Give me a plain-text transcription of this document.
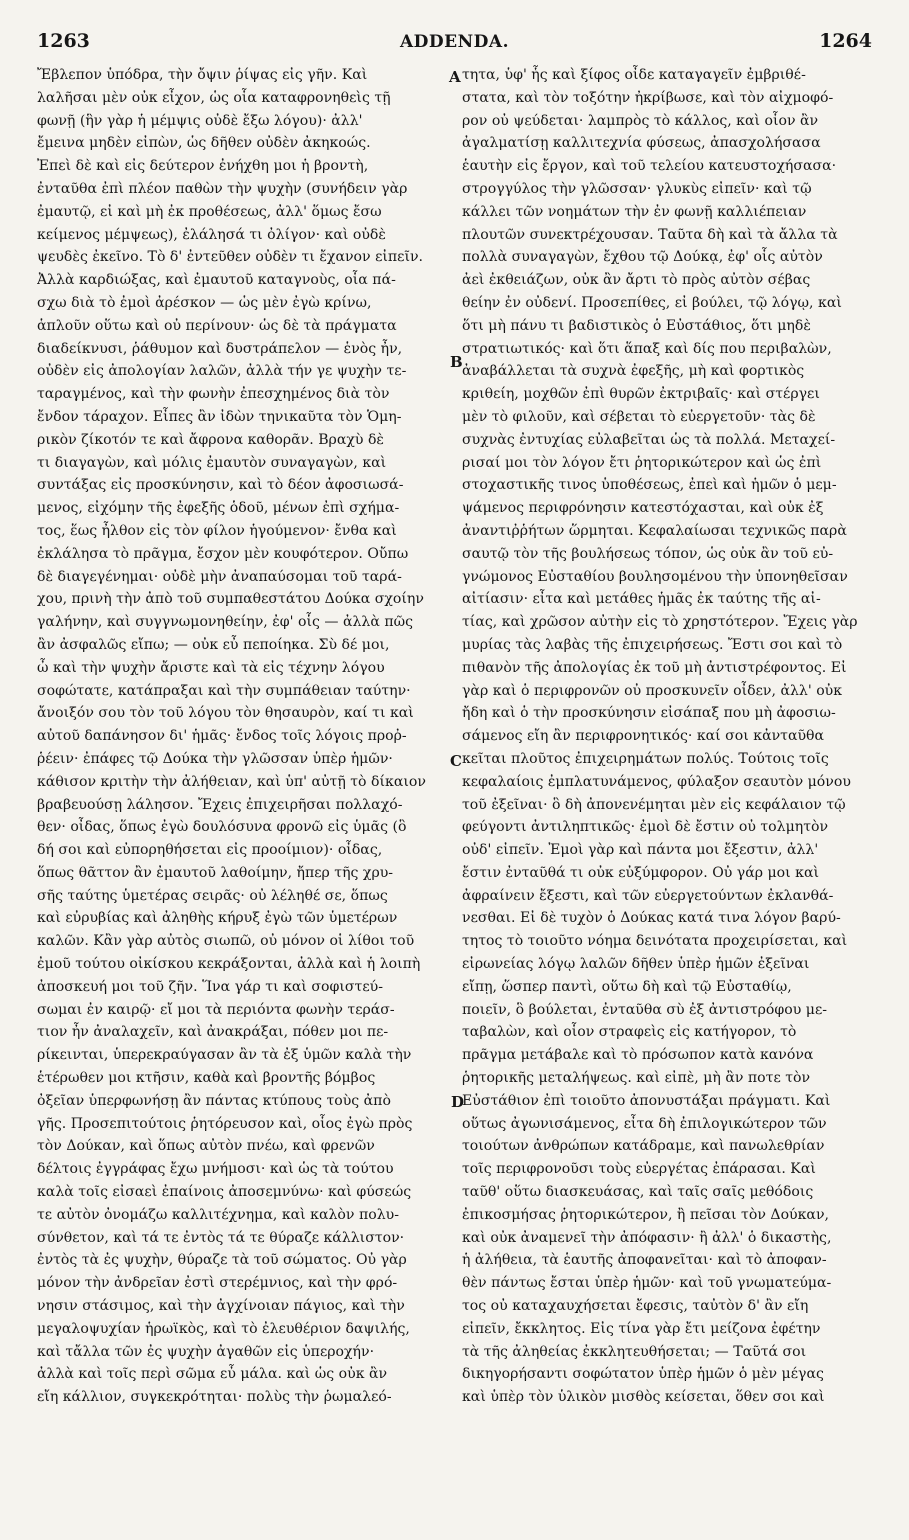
1263	ADDENDA.	1264
Ἔβλεπον ὑπόδρα, τὴν ὄψιν ῥίψας εἰς γῆν. Καὶ
λαλῆσαι μὲν οὐκ εἶχον, ὡς οἷα καταφρονηθεὶς τῇ
φωνῇ (ἣν γὰρ ἡ μέμψις οὐδὲ ἔξω λόγου)· ἀλλ'
ἔμεινα μηδὲν εἰπὼν, ὡς δῆθεν οὐδὲν ἀκηκοώς.
Ἐπεὶ δὲ καὶ εἰς δεύτερον ἐνήχθη μοι ἡ βροντὴ,
ἐνταῦθα ἐπὶ πλέον παθὼν τὴν ψυχὴν (συνήδειν γὰρ
ἐμαυτῷ, εἰ καὶ μὴ ἐκ προθέσεως, ἀλλ' ὅμως ἔσω
κείμενος μέμψεως), ἐλάλησά τι ὀλίγον· καὶ οὐδὲ
ψευδὲς ἐκεῖνο. Τὸ δ' ἐντεῦθεν οὐδὲν τι ἔχανον εἰπεῖν.
Ἀλλὰ καρδιώξας, καὶ ἐμαυτοῦ καταγνοὺς, οἷα πά-
σχω διὰ τὸ ἐμοὶ ἀρέσκον — ὡς μὲν ἐγὼ κρίνω,
ἁπλοῦν οὕτω καὶ οὐ περίνουν· ὡς δὲ τὰ πράγματα
διαδείκνυσι, ῥάθυμον καὶ δυστράπελον — ἑνὸς ἦν,
οὐδὲν εἰς ἀπολογίαν λαλῶν, ἀλλὰ τήν γε ψυχὴν τε-
ταραγμένος, καὶ τὴν φωνὴν ἐπεσχημένος διὰ τὸν
ἔνδον τάραχον. Εἶπες ἂν ἰδὼν τηνικαῦτα τὸν Ὁμη-
ρικὸν ζίκοτόν τε καὶ ἄφρονα καθορᾶν. Βραχὺ δὲ
τι διαγαγὼν, καὶ μόλις ἐμαυτὸν συναγαγὼν, καὶ
συντάξας εἰς προσκύνησιν, καὶ τὸ δέον ἀφοσιωσά-
μενος, εἰχόμην τῆς ἐφεξῆς ὁδοῦ, μένων ἐπὶ σχήμα-
τος, ἕως ἦλθον εἰς τὸν φίλον ἡγούμενον· ἔνθα καὶ
ἐκλάλησα τὸ πρᾶγμα, ἔσχον μὲν κουφότερον. Οὔπω
δὲ διαγεγένημαι· οὐδὲ μὴν ἀναπαύσομαι τοῦ ταρά-
χου, πρινὴ τὴν ἀπὸ τοῦ συμπαθεστάτου Δούκα σχοίην
γαλήνην, καὶ συγγνωμονηθείην, ἐφ' οἷς — ἀλλὰ πῶς
ἂν ἀσφαλῶς εἴπω; — οὐκ εὖ πεποίηκα. Σὺ δέ μοι,
ὦ καὶ τὴν ψυχὴν ἄριστε καὶ τὰ εἰς τέχνην λόγου
σοφώτατε, κατάπραξαι καὶ τὴν συμπάθειαν ταύτην·
ἄνοιξόν σου τὸν τοῦ λόγου τὸν θησαυρὸν, καί τι καὶ
αὐτοῦ δαπάνησον δι' ἡμᾶς· ἔνδος τοῖς λόγοις προῤ-
ῥέειν· ἐπάφες τῷ Δούκα τὴν γλῶσσαν ὑπὲρ ἡμῶν·
κάθισον κριτὴν τὴν ἀλήθειαν, καὶ ὑπ' αὐτῇ τὸ δίκαιον
βραβευούσῃ λάλησον. Ἔχεις ἐπιχειρῆσαι πολλαχό-
θεν· οἶδας, ὅπως ἐγὼ δουλόσυνα φρονῶ εἰς ὑμᾶς (ὃ
δή σοι καὶ εὐπορηθήσεται εἰς προοίμιον)· οἶδας,
ὅπως θᾶττον ἂν ἐμαυτοῦ λαθοίμην, ἤπερ τῆς χρυ-
σῆς ταύτης ὑμετέρας σειρᾶς· οὐ λέληθέ σε, ὅπως
καὶ εὐρυβίας καὶ ἀληθὴς κήρυξ ἐγὼ τῶν ὑμετέρων
καλῶν. Κἂν γὰρ αὐτὸς σιωπῶ, οὐ μόνον οἱ λίθοι τοῦ
ἐμοῦ τούτου οἰκίσκου κεκράξονται, ἀλλὰ καὶ ἡ λοιπὴ
ἀποσκευή μοι τοῦ ζῆν. Ἵνα γάρ τι καὶ σοφιστεύ-
σωμαι ἐν καιρῷ· εἴ μοι τὰ περιόντα φωνὴν τεράσ-
τιον ἦν ἀναλαχεῖν, καὶ ἀνακράξαι, πόθεν μοι πε-
ρίκεινται, ὑπερεκραύγασαν ἂν τὰ ἐξ ὑμῶν καλὰ τὴν
ἑτέρωθεν μοι κτῆσιν, καθὰ καὶ βροντῆς βόμβος
ὀξεῖαν ὑπερφωνήσῃ ἂν πάντας κτύπους τοὺς ἀπὸ
γῆς. Προσεπιτούτοις ῥητόρευσον καὶ, οἷος ἐγὼ πρὸς
τὸν Δούκαν, καὶ ὅπως αὐτὸν πνέω, καὶ φρενῶν
δέλτοις ἐγγράφας ἔχω μνήμοσι· καὶ ὡς τὰ τούτου
καλὰ τοῖς εἰσαεὶ ἐπαίνοις ἀποσεμνύνω· καὶ φύσεώς
τε αὐτὸν ὀνομάζω καλλιτέχνημα, καὶ καλὸν πολυ-
σύνθετον, καὶ τά τε ἐντὸς τά τε θύραζε κάλλιστον·
ἐντὸς τὰ ἐς ψυχὴν, θύραζε τὰ τοῦ σώματος. Οὐ γὰρ
μόνον τὴν ἀνδρεῖαν ἐστὶ στερέμνιος, καὶ τὴν φρό-
νησιν στάσιμος, καὶ τὴν ἀγχίνοιαν πάγιος, καὶ τὴν
μεγαλοψυχίαν ἡρωϊκὸς, καὶ τὸ ἐλευθέριον δαψιλής,
καὶ τἄλλα τῶν ἐς ψυχὴν ἀγαθῶν εἰς ὑπεροχήν·
ἀλλὰ καὶ τοῖς περὶ σῶμα εὖ μάλα. καὶ ὡς οὐκ ἂν
εἴη κάλλιον, συγκεκρότηται· πολὺς τὴν ῥωμαλεό-
τητα, ὑφ' ἧς καὶ ξίφος οἶδε καταγαγεῖν ἐμβριθέ-
στατα, καὶ τὸν τοξότην ἠκρίβωσε, καὶ τὸν αἰχμοφό-
ρον οὐ ψεύδεται· λαμπρὸς τὸ κάλλος, καὶ οἷον ἂν
ἀγαλματίσῃ καλλιτεχνία φύσεως, ἀπασχολήσασα
ἑαυτὴν εἰς ἔργον, καὶ τοῦ τελείου κατευστοχήσασα·
στρογγύλος τὴν γλῶσσαν· γλυκὺς εἰπεῖν· καὶ τῷ
κάλλει τῶν νοημάτων τὴν ἐν φωνῇ καλλιέπειαν
πλουτῶν συνεκτρέχουσαν. Ταῦτα δὴ καὶ τὰ ἄλλα τὰ
πολλὰ συναγαγὼν, ἔχθου τῷ Δούκᾳ, ἐφ' οἷς αὐτὸν
ἀεὶ ἐκθειάζων, οὐκ ἂν ἄρτι τὸ πρὸς αὐτὸν σέβας
θείην ἐν οὐδενί. Προσεπίθες, εἰ βούλει, τῷ λόγῳ, καὶ
ὅτι μὴ πάνυ τι βαδιστικὸς ὁ Εὐστάθιος, ὅτι μηδὲ
στρατιωτικός· καὶ ὅτι ἅπαξ καὶ δίς που περιβαλὼν,
ἀναβάλλεται τὰ συχνὰ ἐφεξῆς, μὴ καὶ φορτικὸς
κριθείη, μοχθῶν ἐπὶ θυρῶν ἐκτριβαῖς· καὶ στέργει
μὲν τὸ φιλοῦν, καὶ σέβεται τὸ εὐεργετοῦν· τὰς δὲ
συχνὰς ἐντυχίας εὐλαβεῖται ὡς τὰ πολλά. Μεταχεί-
ρισαί μοι τὸν λόγον ἔτι ῥητορικώτερον καὶ ὡς ἐπὶ
στοχαστικῆς τινος ὑποθέσεως, ἐπεὶ καὶ ἡμῶν ὁ μεμ-
ψάμενος περιφρόνησιν κατεστόχασται, καὶ οὐκ ἐξ
ἀναντιῤῥήτων ὥρμηται. Κεφαλαίωσαι τεχνικῶς παρὰ
σαυτῷ τὸν τῆς βουλήσεως τόπον, ὡς οὐκ ἂν τοῦ εὐ-
γνώμονος Εὐσταθίου βουλησομένου τὴν ὑπονηθεῖσαν
αἰτίασιν· εἶτα καὶ μετάθες ἡμᾶς ἐκ ταύτης τῆς αἰ-
τίας, καὶ χρῶσον αὐτὴν εἰς τὸ χρηστότερον. Ἔχεις γὰρ
μυρίας τὰς λαβὰς τῆς ἐπιχειρήσεως. Ἔστι σοι καὶ τὸ
πιθανὸν τῆς ἀπολογίας ἐκ τοῦ μὴ ἀντιστρέφοντος. Εἰ
γὰρ καὶ ὁ περιφρονῶν οὐ προσκυνεῖν οἶδεν, ἀλλ' οὐκ
ἤδη καὶ ὁ τὴν προσκύνησιν εἰσάπαξ που μὴ ἀφοσιω-
σάμενος εἴη ἂν περιφρονητικός· καί σοι κἀνταῦθα
κεῖται πλοῦτος ἐπιχειρημάτων πολύς. Τούτοις τοῖς
κεφαλαίοις ἐμπλατυνάμενος, φύλαξον σεαυτὸν μόνου
τοῦ ἐξεῖναι· ὃ δὴ ἀπονενέμηται μὲν εἰς κεφάλαιον τῷ
φεύγοντι ἀντιληπτικῶς· ἐμοὶ δὲ ἔστιν οὐ τολμητὸν
οὐδ' εἰπεῖν. Ἐμοὶ γὰρ καὶ πάντα μοι ἔξεστιν, ἀλλ'
ἔστιν ἐνταῦθά τι οὐκ εὐξύμφορον. Οὐ γάρ μοι καὶ
ἀφραίνειν ἔξεστι, καὶ τῶν εὐεργετούντων ἐκλανθά-
νεσθαι. Εἰ δὲ τυχὸν ὁ Δούκας κατά τινα λόγον βαρύ-
τητος τὸ τοιοῦτο νόημα δεινότατα προχειρίσεται, καὶ
εἰρωνείας λόγῳ λαλῶν δῆθεν ὑπὲρ ἡμῶν ἐξεῖναι
εἴπῃ, ὥσπερ παντὶ, οὕτω δὴ καὶ τῷ Εὐσταθίῳ,
ποιεῖν, ὃ βούλεται, ἐνταῦθα σὺ ἐξ ἀντιστρόφου με-
ταβαλὼν, καὶ οἷον στραφεὶς εἰς κατήγορον, τὸ
πρᾶγμα μετάβαλε καὶ τὸ πρόσωπον κατὰ κανόνα
ῥητορικῆς μεταλήψεως. καὶ εἰπὲ, μὴ ἂν ποτε τὸν
Εὐστάθιον ἐπὶ τοιοῦτο ἀπονυστάξαι πράγματι. Καὶ
οὕτως ἀγωνισάμενος, εἶτα δὴ ἐπιλογικώτερον τῶν
τοιούτων ἀνθρώπων κατάδραμε, καὶ πανωλεθρίαν
τοῖς περιφρονοῦσι τοὺς εὐεργέτας ἐπάρασαι. Καὶ
ταῦθ' οὕτω διασκευάσας, καὶ ταῖς σαῖς μεθόδοις
ἐπικοσμήσας ῥητορικώτερον, ἢ πεῖσαι τὸν Δούκαν,
καὶ οὐκ ἀναμενεῖ τὴν ἀπόφασιν· ἢ ἀλλ' ὁ δικαστὴς,
ἡ ἀλήθεια, τὰ ἑαυτῆς ἀποφανεῖται· καὶ τὸ ἀποφαν-
θὲν πάντως ἔσται ὑπὲρ ἡμῶν· καὶ τοῦ γνωματεύμα-
τος οὐ καταχαυχήσεται ἔφεσις, ταὐτὸν δ' ἂν εἴη
εἰπεῖν, ἔκκλητος. Εἰς τίνα γὰρ ἔτι μείζονα ἐφέτην
τὰ τῆς ἀληθείας ἐκκλητευθήσεται; — Ταῦτά σοι
δικηγορήσαντι σοφώτατον ὑπὲρ ἡμῶν ὁ μὲν μέγας
καὶ ὑπὲρ τὸν ὑλικὸν μισθὸς κείσεται, ὅθεν σοι καὶ
A
B
C
D
